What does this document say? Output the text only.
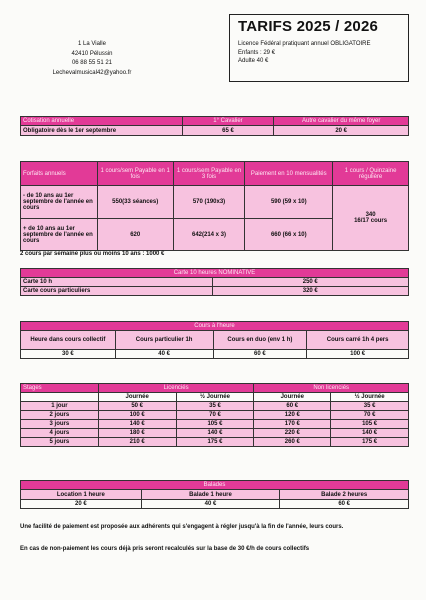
1 La Vialle
42410 Pélussin
06 88 55 51 21
Lechevalmusical42@yahoo.fr
TARIFS 2025 / 2026
Licence Fédéral pratiquant annuel OBLIGATOIRE
Enfants : 29 €
Adulte 40 €
Cotisation annuelle	1° Cavalier	Autre cavalier du même foyer
Obligatoire dès le 1er septembre	65 €	20 €
Forfaits annuels	1 cours/sem Payable en 1 fois	1 cours/sem Payable en 3 fois	Paiement en 10 mensualités	1 cours / Quinzaine régulière
- de 10 ans au 1er septembre de l'année en cours	550(33 séances)	570 (190x3)	590 (59 x 10)	340
16/17 cours

+ de 10 ans au 1er septembre de l'année en cours	620	642(214 x 3)	660 (66 x 10)	
2 cours par semaine plus ou moins 10 ans : 1000 €
Carte 10 heures NOMINATIVE	
Carte 10 h	250 €
Carte cours particuliers	320 €
Cours à l'heure			
Heure dans cours collectif	Cours particulier 1h	Cours en duo (env 1 h)	Cours carré 1h 4 pers
30 €	40 €	60 €	100 €
Stages	Licenciés		Non licenciés	
	Journée	½ Journée	Journée	½ Journée
1 jour	50 €	35 €	60 €	35 €
2 jours	100 €	70 €	120 €	70 €
3 jours	140 €	105 €	170 €	105 €
4 jours	180 €	140 €	220 €	140 €
5 jours	210 €	175 €	260 €	175 €
Balades		
Location 1 heure	Balade 1 heure	Balade 2 heures
20 €	40 €	60 €
Une facilité de paiement est proposée aux adhérents qui s'engagent à régler jusqu'à la fin de l'année, leurs cours.
En cas de non-paiement les cours déjà pris seront recalculés sur la base de 30 €/h de cours collectifs
